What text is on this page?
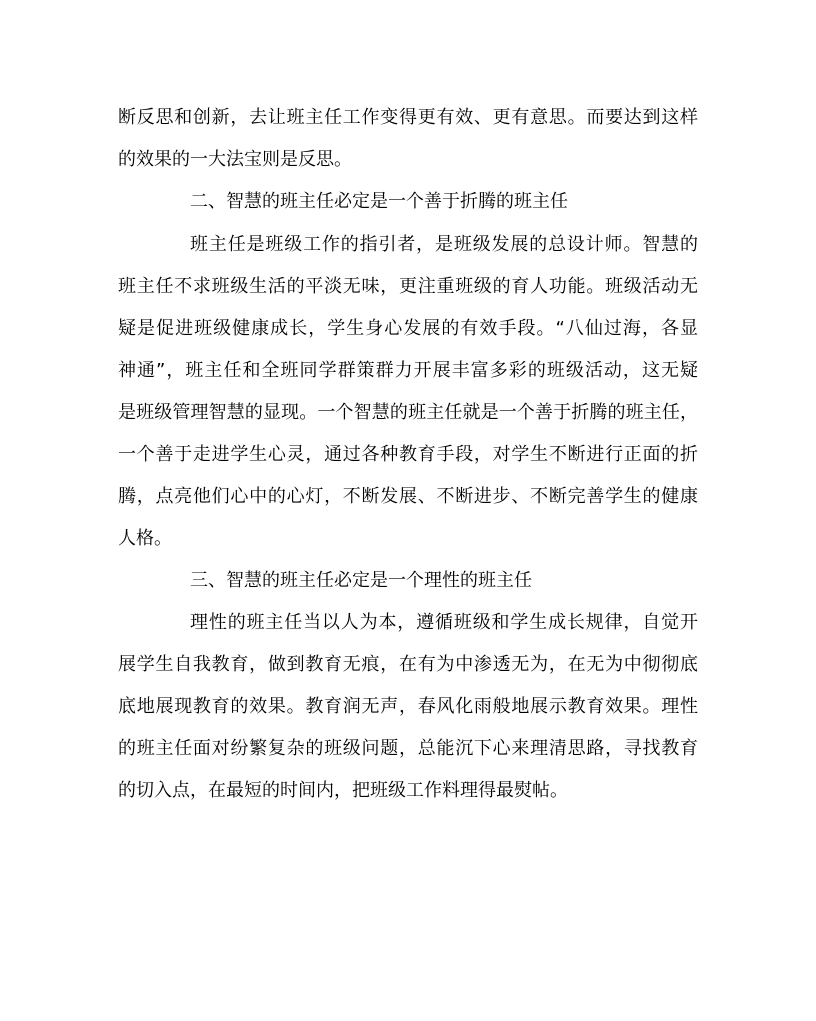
断反思和创新，去让班主任工作变得更有效、更有意思。而要达到这样
的效果的一大法宝则是反思。
二、智慧的班主任必定是一个善于折腾的班主任
班主任是班级工作的指引者，是班级发展的总设计师。智慧的
班主任不求班级生活的平淡无味，更注重班级的育人功能。班级活动无
疑是促进班级健康成长，学生身心发展的有效手段。“八仙过海，各显
神通”，班主任和全班同学群策群力开展丰富多彩的班级活动，这无疑
是班级管理智慧的显现。一个智慧的班主任就是一个善于折腾的班主任，
一个善于走进学生心灵，通过各种教育手段，对学生不断进行正面的折
腾，点亮他们心中的心灯，不断发展、不断进步、不断完善学生的健康
人格。
三、智慧的班主任必定是一个理性的班主任
理性的班主任当以人为本，遵循班级和学生成长规律，自觉开
展学生自我教育，做到教育无痕，在有为中渗透无为，在无为中彻彻底
底地展现教育的效果。教育润无声，春风化雨般地展示教育效果。理性
的班主任面对纷繁复杂的班级问题，总能沉下心来理清思路，寻找教育
的切入点，在最短的时间内，把班级工作料理得最熨帖。
